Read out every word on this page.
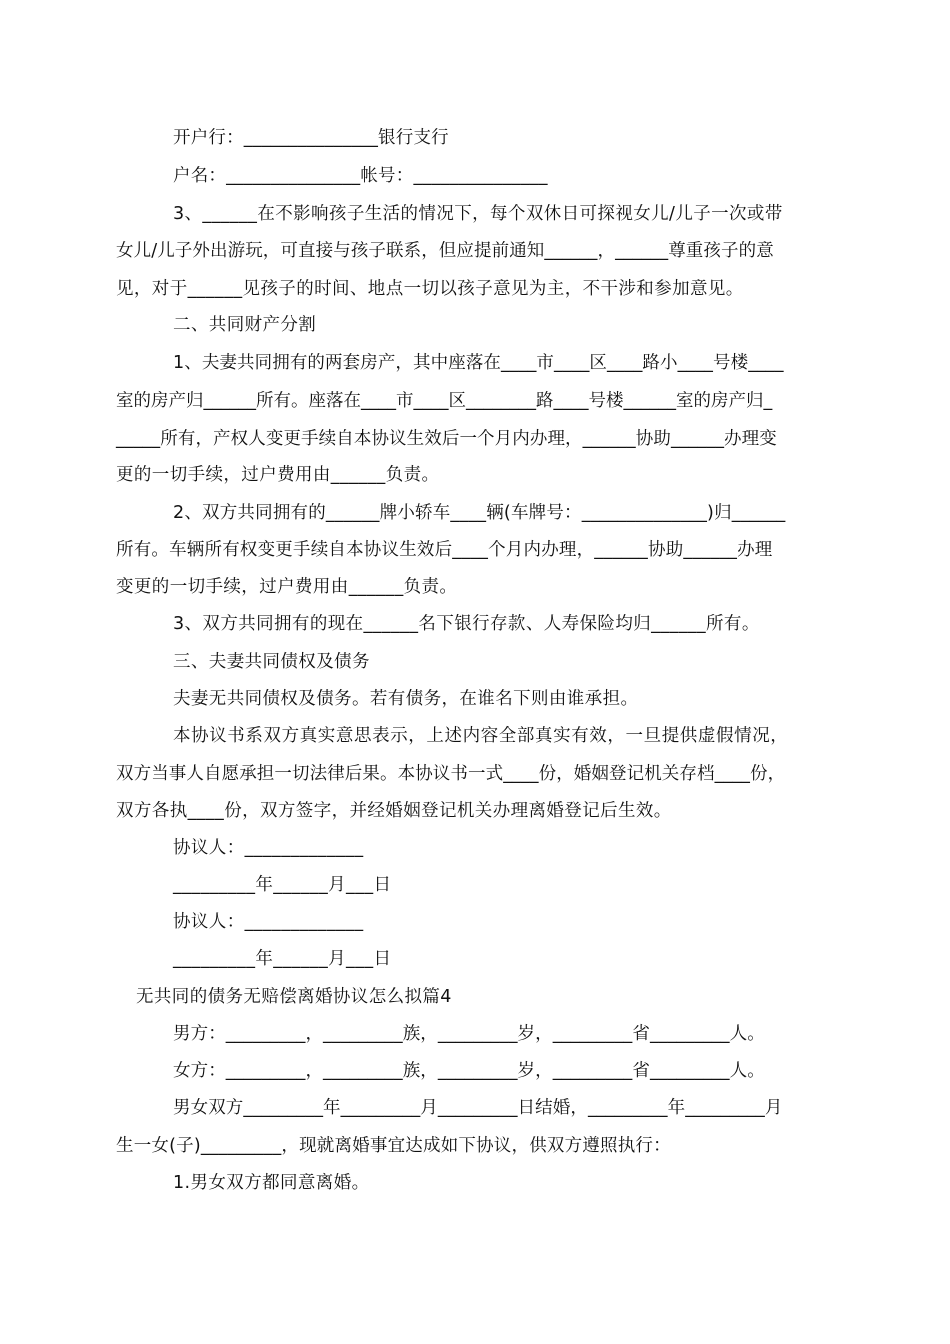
开户行：_______________银行支行
户名：_______________帐号：_______________
3、______在不影响孩子生活的情况下，每个双休日可探视女儿/儿子一次或带
女儿/儿子外出游玩，可直接与孩子联系，但应提前通知______，______尊重孩子的意
见，对于______见孩子的时间、地点一切以孩子意见为主，不干涉和参加意见。
二、共同财产分割
1、夫妻共同拥有的两套房产，其中座落在____市____区____路小____号楼____
室的房产归______所有。座落在____市____区________路____号楼______室的房产归_
_____所有，产权人变更手续自本协议生效后一个月内办理，______协助______办理变
更的一切手续，过户费用由______负责。
2、双方共同拥有的______牌小轿车____辆(车牌号：______________)归______
所有。车辆所有权变更手续自本协议生效后____个月内办理，______协助______办理
变更的一切手续，过户费用由______负责。
3、双方共同拥有的现在______名下银行存款、人寿保险均归______所有。
三、夫妻共同债权及债务
夫妻无共同债权及债务。若有债务，在谁名下则由谁承担。
本协议书系双方真实意思表示，上述内容全部真实有效，一旦提供虚假情况，
双方当事人自愿承担一切法律后果。本协议书一式____份，婚姻登记机关存档____份，
双方各执____份，双方签字，并经婚姻登记机关办理离婚登记后生效。
协议人：_____________
_________年______月___日
协议人：_____________
_________年______月___日
无共同的债务无赔偿离婚协议怎么拟篇4
男方：_________，_________族，_________岁，_________省_________人。
女方：_________，_________族，_________岁，_________省_________人。
男女双方_________年_________月_________日结婚，_________年_________月
生一女(子)_________，现就离婚事宜达成如下协议，供双方遵照执行：
1.男女双方都同意离婚。
